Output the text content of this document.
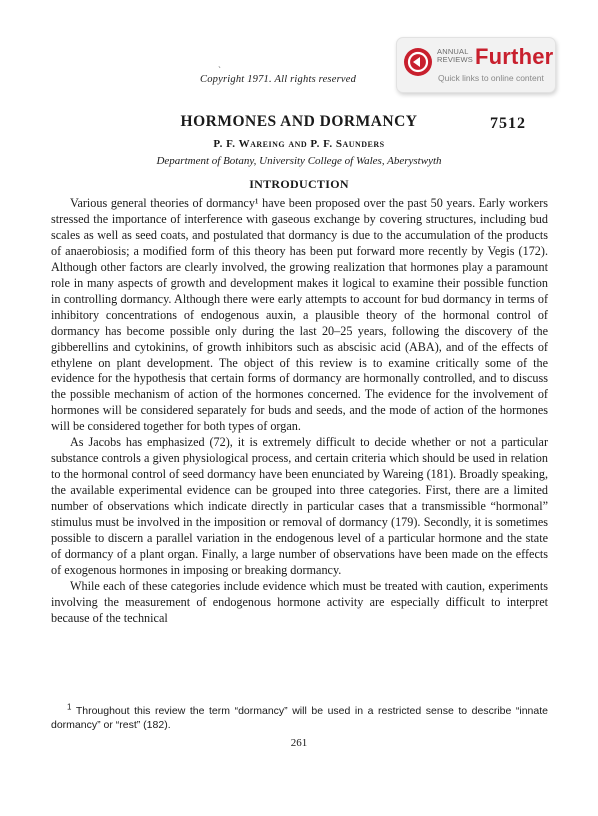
ˎ
Copyright 1971. All rights reserved
ANNUAL
REVIEWS Further
Quick links to online content
HORMONES AND DORMANCY	7512
P. F. Wareing and P. F. Saunders
Department of Botany, University College of Wales, Aberystwyth
INTRODUCTION

Various general theories of dormancy¹ have been proposed over the past 50 years. Early workers stressed the importance of interference with gaseous exchange by covering structures, including bud scales as well as seed coats, and postulated that dormancy is due to the accumulation of the products of anaerobiosis; a modified form of this theory has been put forward more recently by Vegis (172). Although other factors are clearly involved, the growing realization that hormones play a paramount role in many aspects of growth and development makes it logical to examine their possible function in controlling dormancy. Although there were early attempts to account for bud dormancy in terms of inhibitory concentrations of endogenous auxin, a plausible theory of the hormonal control of dormancy has become possible only during the last 20–25 years, following the discovery of the gibberellins and cytokinins, of growth inhibitors such as abscisic acid (ABA), and of the effects of ethylene on plant development. The object of this review is to examine critically some of the evidence for the hypothesis that certain forms of dormancy are hormonally controlled, and to discuss the possible mechanism of action of the hormones concerned. The evidence for the involvement of hormones will be considered separately for buds and seeds, and the mode of action of the hormones will be considered together for both types of organ.

As Jacobs has emphasized (72), it is extremely difficult to decide whether or not a particular substance controls a given physiological process, and certain criteria which should be used in relation to the hormonal control of seed dormancy have been enunciated by Wareing (181). Broadly speaking, the available experimental evidence can be grouped into three categories. First, there are a limited number of observations which indicate directly in particular cases that a transmissible “hormonal” stimulus must be involved in the imposition or removal of dormancy (179). Secondly, it is sometimes possible to discern a parallel variation in the endogenous level of a particular hormone and the state of dormancy of a plant organ. Finally, a large number of observations have been made on the effects of exogenous hormones in imposing or breaking dormancy.

While each of these categories include evidence which must be treated with caution, experiments involving the measurement of endogenous hormone activity are especially difficult to interpret because of the technical

$^1$ Throughout this review the term “dormancy” will be used in a restricted sense to describe “innate dormancy” or “rest” (182).

261
